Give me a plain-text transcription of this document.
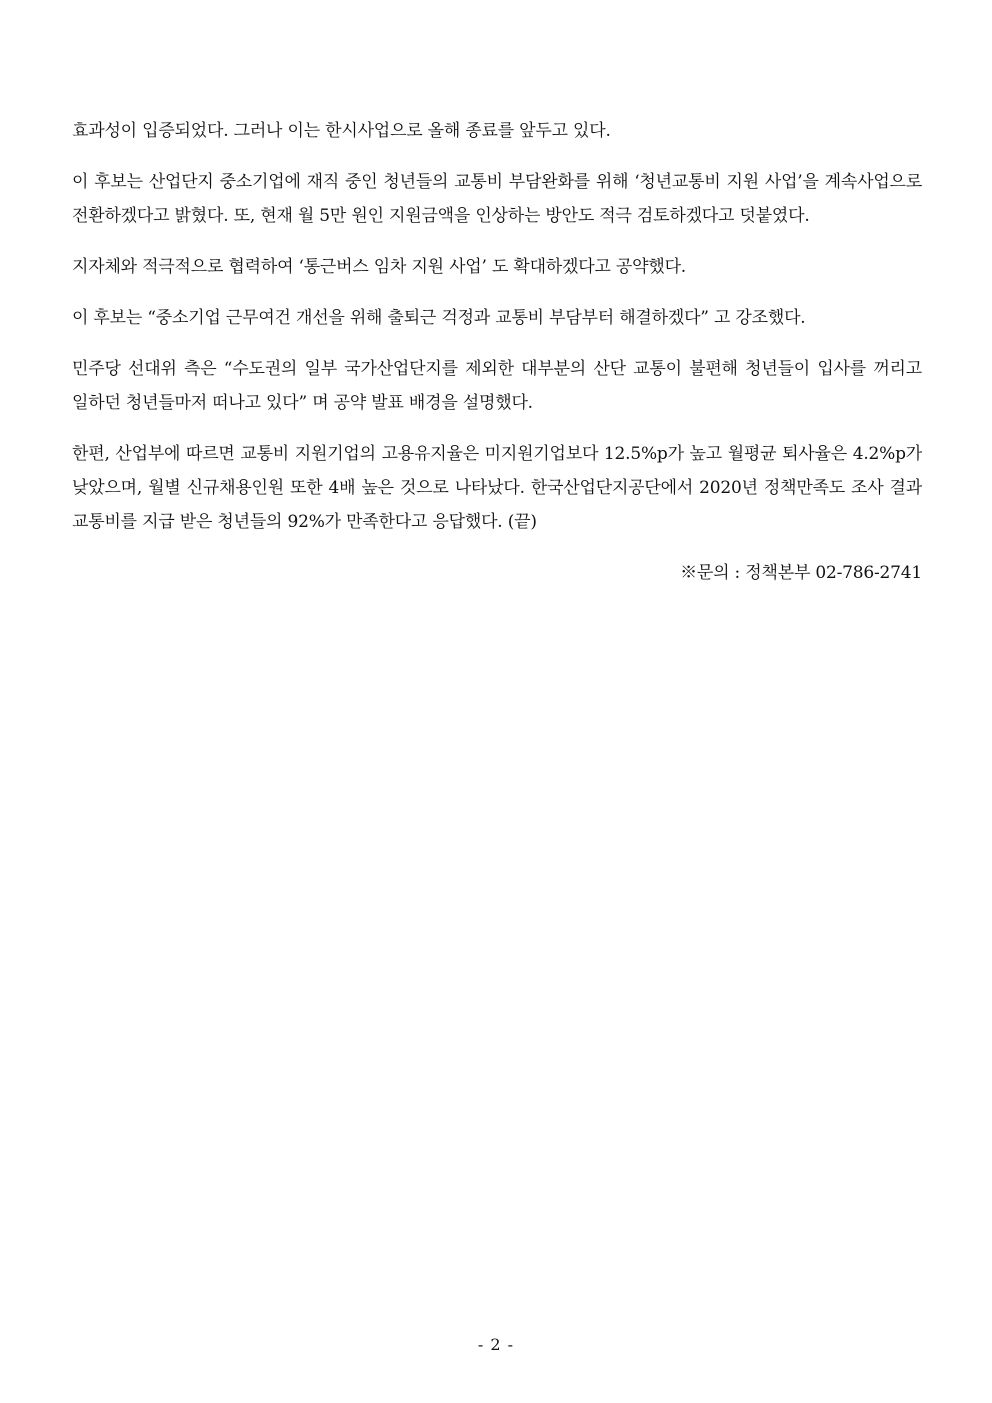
효과성이 입증되었다. 그러나 이는 한시사업으로 올해 종료를 앞두고 있다.

이 후보는 산업단지 중소기업에 재직 중인 청년들의 교통비 부담완화를 위해 ‘청년교통비 지원 사업’을 계속사업으로 전환하겠다고 밝혔다. 또, 현재 월 5만 원인 지원금액을 인상하는 방안도 적극 검토하겠다고 덧붙였다.

지자체와 적극적으로 협력하여 ‘통근버스 임차 지원 사업’ 도 확대하겠다고 공약했다.

이 후보는 “중소기업 근무여건 개선을 위해 출퇴근 걱정과 교통비 부담부터 해결하겠다” 고 강조했다.

민주당 선대위 측은 “수도권의 일부 국가산업단지를 제외한 대부분의 산단 교통이 불편해 청년들이 입사를 꺼리고 일하던 청년들마저 떠나고 있다” 며 공약 발표 배경을 설명했다.

한편, 산업부에 따르면 교통비 지원기업의 고용유지율은 미지원기업보다 12.5%p가 높고 월평균 퇴사율은 4.2%p가 낮았으며, 월별 신규채용인원 또한 4배 높은 것으로 나타났다. 한국산업단지공단에서 2020년 정책만족도 조사 결과 교통비를 지급 받은 청년들의 92%가 만족한다고 응답했다. (끝)

※문의 : 정책본부 02-786-2741

- 2 -
